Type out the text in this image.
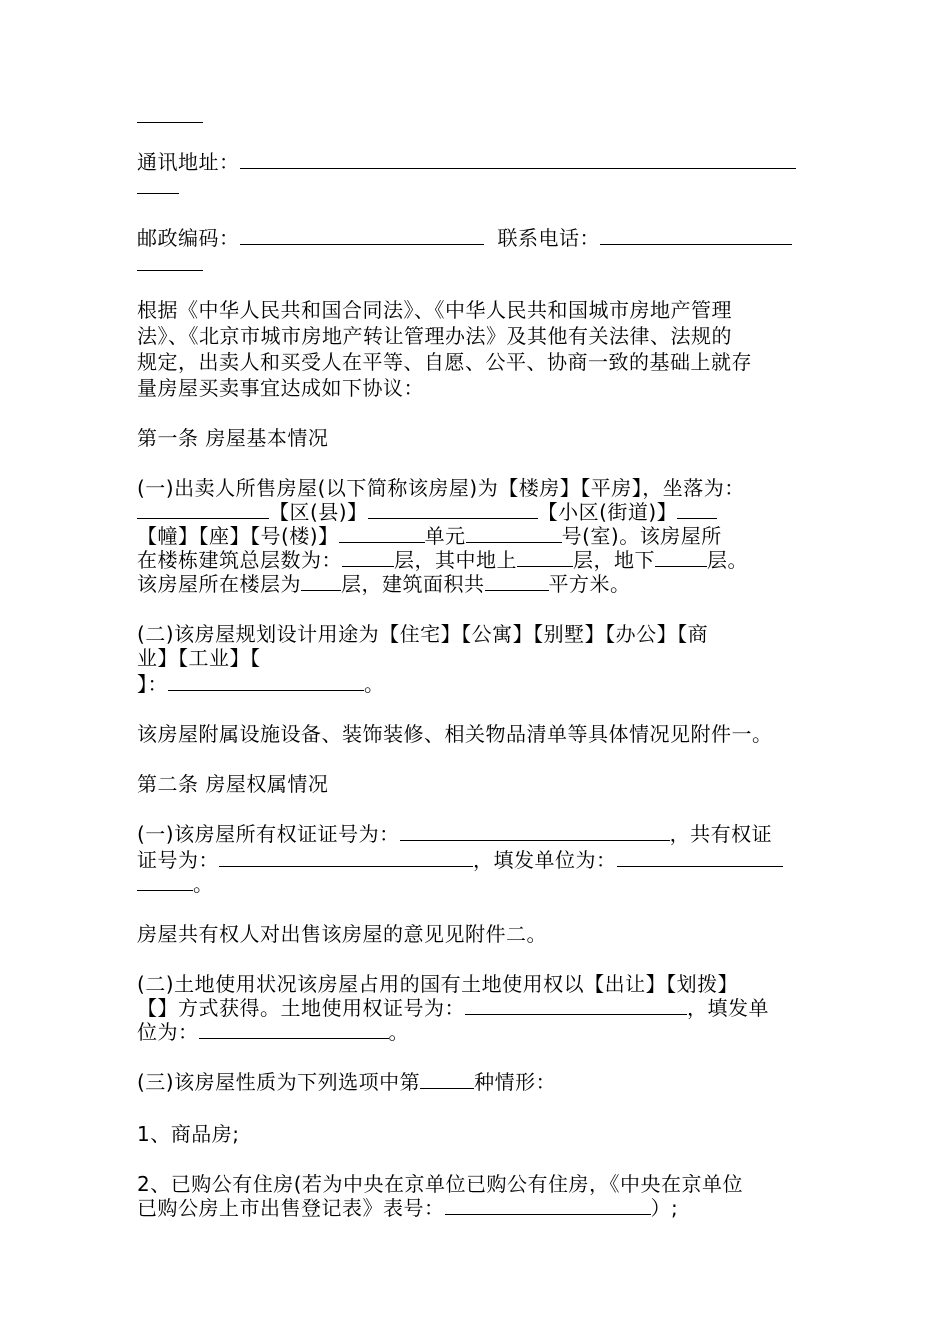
通讯地址：
邮政编码：	联系电话：
根据《中华人民共和国合同法》、《中华人民共和国城市房地产管理
法》、《北京市城市房地产转让管理办法》及其他有关法律、法规的
规定，出卖人和买受人在平等、自愿、公平、协商一致的基础上就存
量房屋买卖事宜达成如下协议：
第一条 房屋基本情况
(一)出卖人所售房屋(以下简称该房屋)为【楼房】【平房】，坐落为：
【区(县)】	【小区(街道)】
【幢】【座】【号(楼)】	单元	号(室)。该房屋所
在楼栋建筑总层数为：	层，其中地上	层，地下	层。
该房屋所在楼层为 层，建筑面积共	平方米。
(二)该房屋规划设计用途为【住宅】【公寓】【别墅】【办公】【商
业】【工业】【
】：	。
该房屋附属设施设备、装饰装修、相关物品清单等具体情况见附件一。
第二条 房屋权属情况
(一)该房屋所有权证证号为：	，共有权证
证号为：	，填发单位为：
。
房屋共有权人对出售该房屋的意见见附件二。
(二)土地使用状况该房屋占用的国有土地使用权以【出让】【划拨】
【】方式获得。土地使用权证号为：	，填发单
位为：	。
(三)该房屋性质为下列选项中第	种情形：
1、商品房;
2、已购公有住房(若为中央在京单位已购公有住房，《中央在京单位
已购公房上市出售登记表》表号：	）;
